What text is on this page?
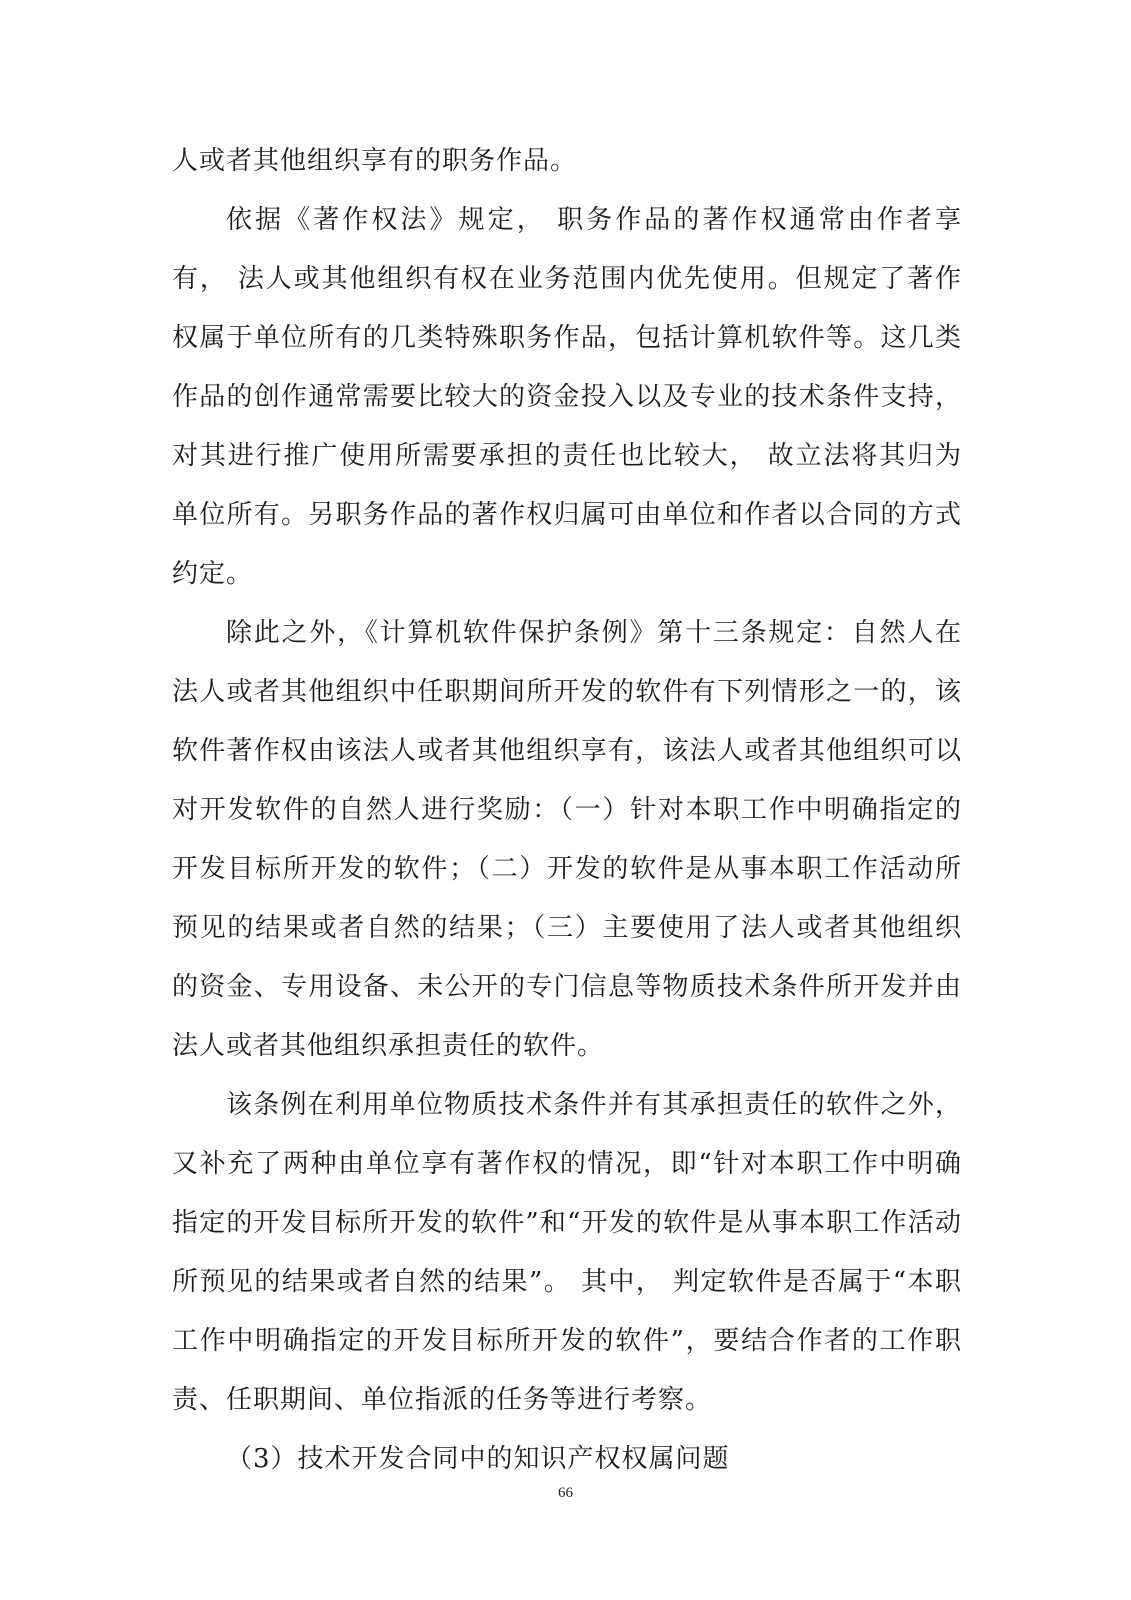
人或者其他组织享有的职务作品。

依据《著作权法》规定， 职务作品的著作权通常由作者享有， 法人或其他组织有权在业务范围内优先使用。但规定了著作权属于单位所有的几类特殊职务作品，包括计算机软件等。这几类作品的创作通常需要比较大的资金投入以及专业的技术条件支持， 对其进行推广使用所需要承担的责任也比较大， 故立法将其归为单位所有。另职务作品的著作权归属可由单位和作者以合同的方式约定。

除此之外，《计算机软件保护条例》第十三条规定：自然人在法人或者其他组织中任职期间所开发的软件有下列情形之一的，该软件著作权由该法人或者其他组织享有，该法人或者其他组织可以对开发软件的自然人进行奖励：（一）针对本职工作中明确指定的开发目标所开发的软件；（二）开发的软件是从事本职工作活动所预见的结果或者自然的结果；（三）主要使用了法人或者其他组织的资金、专用设备、未公开的专门信息等物质技术条件所开发并由法人或者其他组织承担责任的软件。

该条例在利用单位物质技术条件并有其承担责任的软件之外，又补充了两种由单位享有著作权的情况，即“针对本职工作中明确指定的开发目标所开发的软件”和“开发的软件是从事本职工作活动所预见的结果或者自然的结果”。 其中， 判定软件是否属于“本职工作中明确指定的开发目标所开发的软件”，要结合作者的工作职责、任职期间、单位指派的任务等进行考察。

（3）技术开发合同中的知识产权权属问题

66
